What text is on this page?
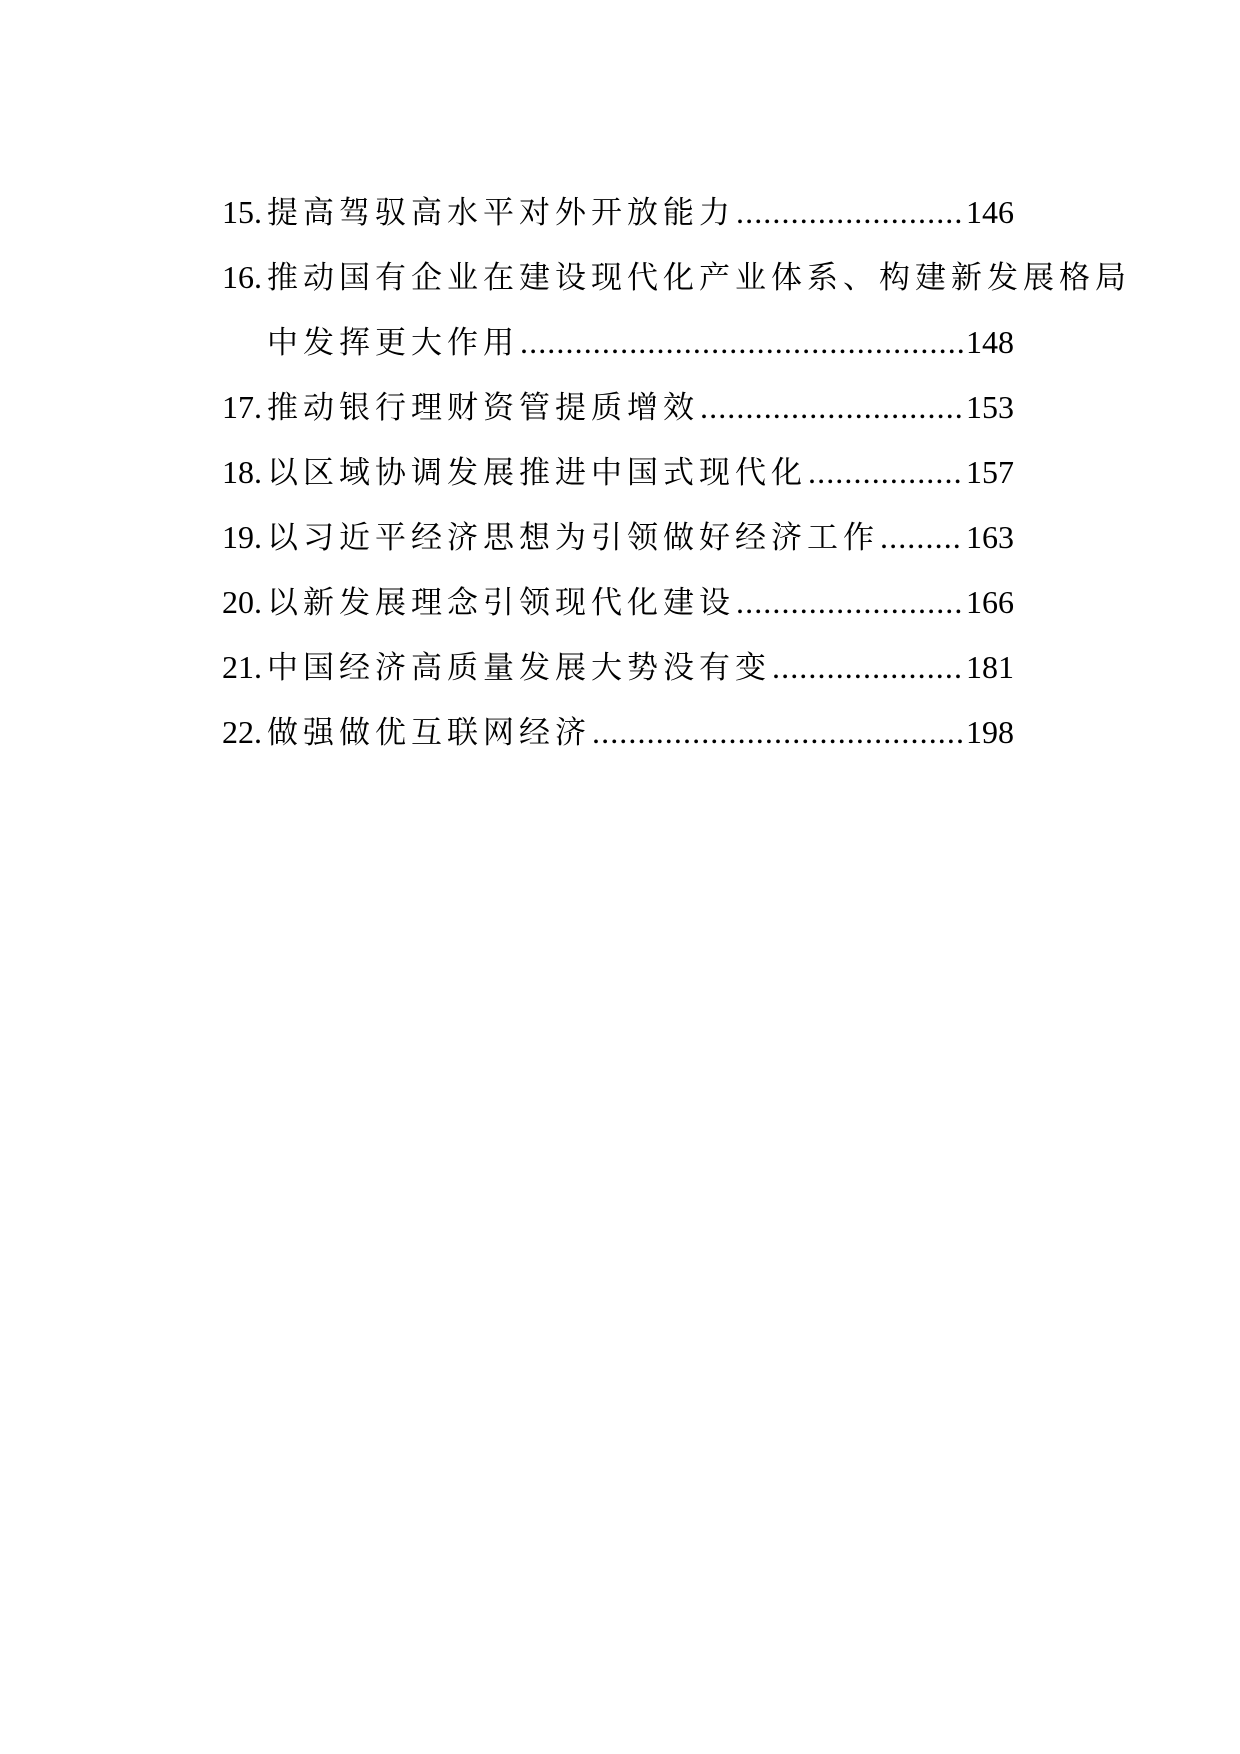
15. 提高驾驭高水平对外开放能力 .....	146
16. 推动国有企业在建设现代化产业体系、构建新发展格局
中发挥更大作用 .....	148
17. 推动银行理财资管提质增效 .....	153
18. 以区域协调发展推进中国式现代化 .....	157
19. 以习近平经济思想为引领做好经济工作 .....	163
20. 以新发展理念引领现代化建设 .....	166
21. 中国经济高质量发展大势没有变 .....	181
22. 做强做优互联网经济 .....	198
